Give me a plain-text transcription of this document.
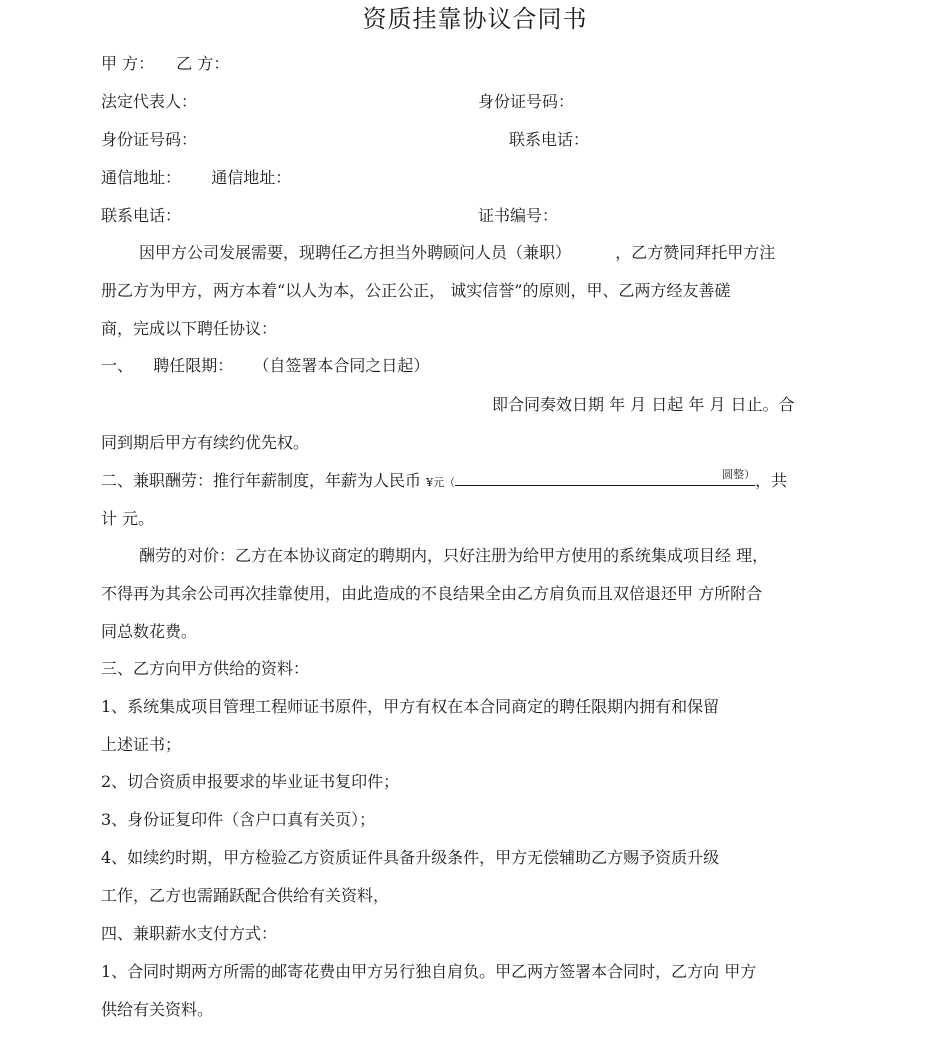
资质挂靠协议合同书
甲 方： 乙 方：
法定代表人：	身份证号码：
身份证号码：	联系电话：
通信地址： 通信地址：
联系电话：	证书编号：
因甲方公司发展需要，现聘任乙方担当外聘顾问人员（兼职）	，乙方赞同拜托甲方注
册乙方为甲方，两方本着“以人为本，公正公正， 诚实信誉”的原则，甲、乙两方经友善磋
商，完成以下聘任协议：
一、 聘任限期： （自签署本合同之日起）
即合同奏效日期 年 月 日起 年 月 日止。合
同到期后甲方有续约优先权。
二、兼职酬劳：推行年薪制度，年薪为人民币 ¥元（
圆整） ，共
计 元。
酬劳的对价：乙方在本协议商定的聘期内，只好注册为给甲方使用的系统集成项目经 理，
不得再为其余公司再次挂靠使用，由此造成的不良结果全由乙方肩负而且双倍退还甲 方所附合
同总数花费。
三、乙方向甲方供给的资料：
1、系统集成项目管理工程师证书原件，甲方有权在本合同商定的聘任限期内拥有和保留
上述证书；
2、切合资质申报要求的毕业证书复印件；
3、身份证复印件（含户口真有关页）；
4、如续约时期，甲方检验乙方资质证件具备升级条件，甲方无偿辅助乙方赐予资质升级
工作，乙方也需踊跃配合供给有关资料，
四、兼职薪水支付方式：
1、合同时期两方所需的邮寄花费由甲方另行独自肩负。甲乙两方签署本合同时，乙方向 甲方
供给有关资料。
